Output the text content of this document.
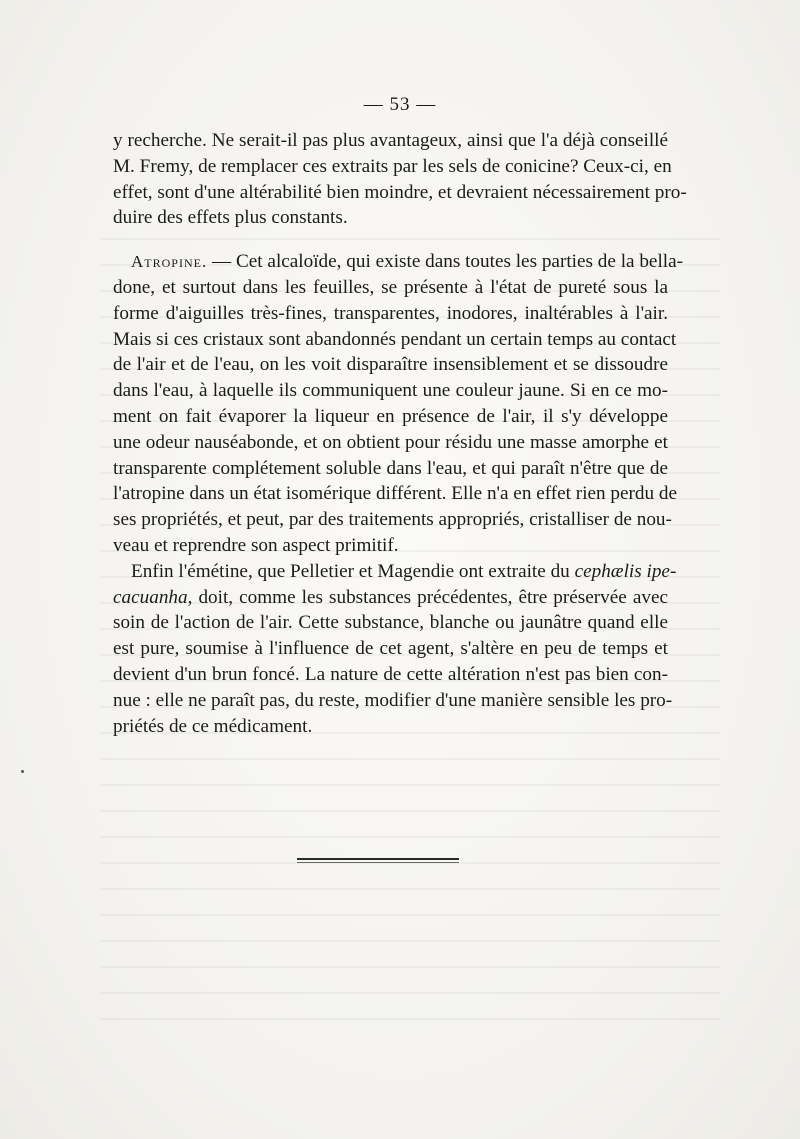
— 53 —
y recherche. Ne serait-il pas plus avantageux, ainsi que l'a déjà conseillé
M. Fremy, de remplacer ces extraits par les sels de conicine? Ceux-ci, en
effet, sont d'une altérabilité bien moindre, et devraient nécessairement pro-
duire des effets plus constants.
Atropine. — Cet alcaloïde, qui existe dans toutes les parties de la bella-
done, et surtout dans les feuilles, se présente à l'état de pureté sous la
forme d'aiguilles très-fines, transparentes, inodores, inaltérables à l'air.
Mais si ces cristaux sont abandonnés pendant un certain temps au contact
de l'air et de l'eau, on les voit disparaître insensiblement et se dissoudre
dans l'eau, à laquelle ils communiquent une couleur jaune. Si en ce mo-
ment on fait évaporer la liqueur en présence de l'air, il s'y développe
une odeur nauséabonde, et on obtient pour résidu une masse amorphe et
transparente complétement soluble dans l'eau, et qui paraît n'être que de
l'atropine dans un état isomérique différent. Elle n'a en effet rien perdu de
ses propriétés, et peut, par des traitements appropriés, cristalliser de nou-
veau et reprendre son aspect primitif.
Enfin l'émétine, que Pelletier et Magendie ont extraite du cephælis ipe-
cacuanha, doit, comme les substances précédentes, être préservée avec
soin de l'action de l'air. Cette substance, blanche ou jaunâtre quand elle
est pure, soumise à l'influence de cet agent, s'altère en peu de temps et
devient d'un brun foncé. La nature de cette altération n'est pas bien con-
nue : elle ne paraît pas, du reste, modifier d'une manière sensible les pro-
priétés de ce médicament.
